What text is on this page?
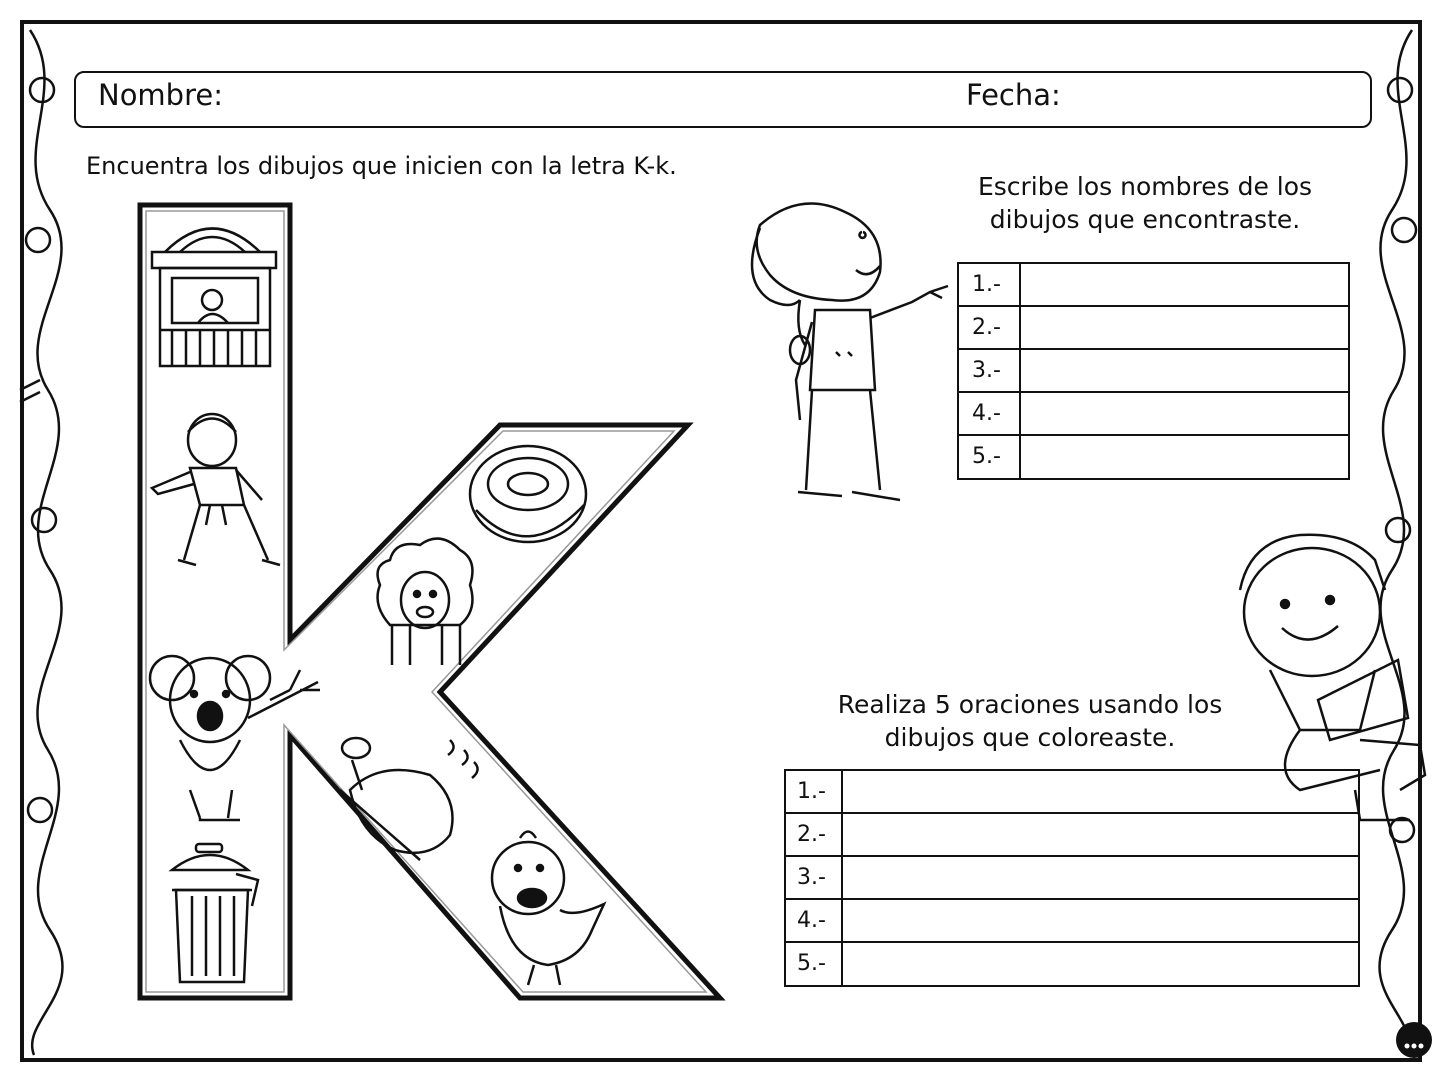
Nombre:	Fecha:
Encuentra los dibujos que inicien con la letra K-k.
Escribe los nombres de los
dibujos que encontraste.
Realiza 5 oraciones usando los
dibujos que coloreaste.
1.-
2.-
3.-
4.-
5.-
1.-
2.-
3.-
4.-
5.-
